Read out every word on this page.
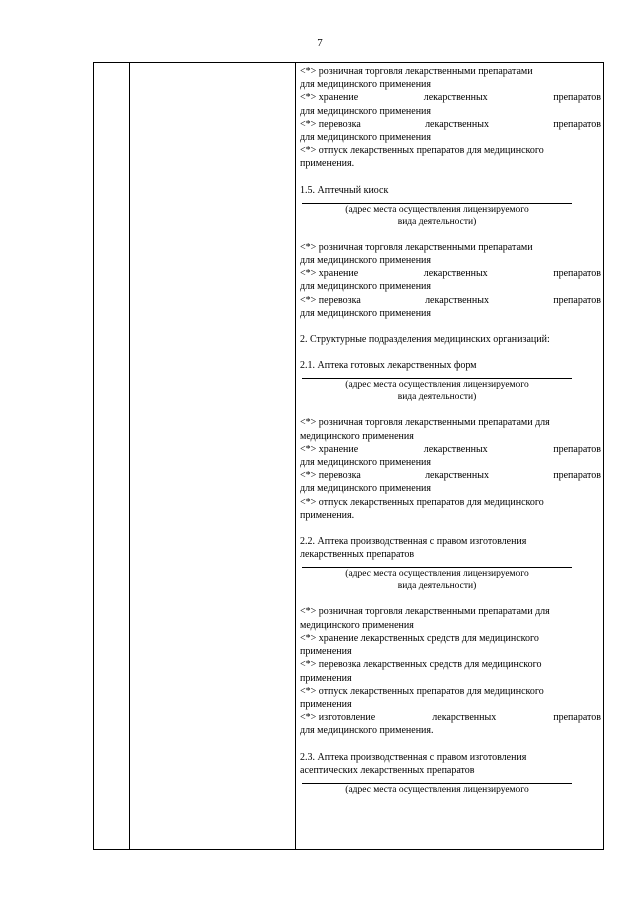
7
<*> розничная торговля лекарственными препаратами
для медицинского применения
<*> хранение	лекарственных	препаратов
для медицинского применения
<*> перевозка	лекарственных	препаратов
для медицинского применения
<*> отпуск лекарственных препаратов для медицинского
применения.
1.5. Аптечный киоск
(адрес места осуществления лицензируемого
вида деятельности)
<*> розничная торговля лекарственными препаратами
для медицинского применения
<*> хранение	лекарственных	препаратов
для медицинского применения
<*> перевозка	лекарственных	препаратов
для медицинского применения
2. Структурные подразделения медицинских организаций:
2.1. Аптека готовых лекарственных форм
(адрес места осуществления лицензируемого
вида деятельности)
<*> розничная торговля лекарственными препаратами для
медицинского применения
<*> хранение	лекарственных	препаратов
для медицинского применения
<*> перевозка	лекарственных	препаратов
для медицинского применения
<*> отпуск лекарственных препаратов для медицинского
применения.
2.2. Аптека производственная с правом изготовления
лекарственных препаратов
(адрес места осуществления лицензируемого
вида деятельности)
<*> розничная торговля лекарственными препаратами для
медицинского применения
<*> хранение лекарственных средств для медицинского
применения
<*> перевозка лекарственных средств для медицинского
применения
<*> отпуск лекарственных препаратов для медицинского
применения
<*> изготовление	лекарственных	препаратов
для медицинского применения.
2.3. Аптека производственная с правом изготовления
асептических лекарственных препаратов
(адрес места осуществления лицензируемого
